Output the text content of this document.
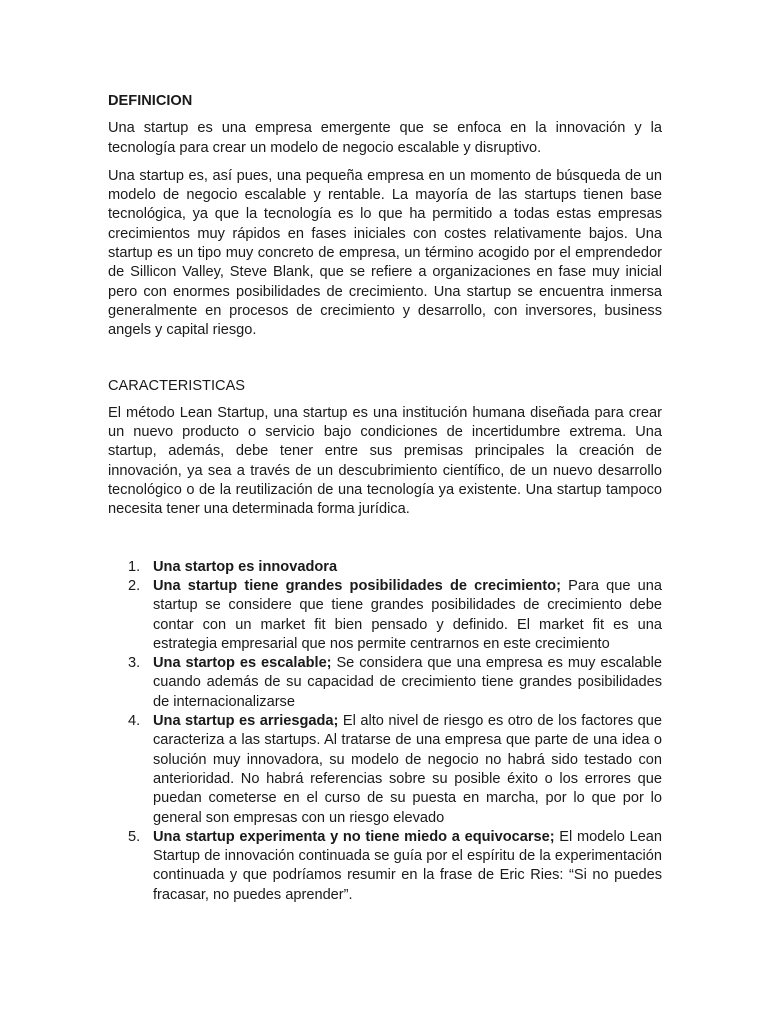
DEFINICION

Una startup es una empresa emergente que se enfoca en la innovación y la tecnología para crear un modelo de negocio escalable y disruptivo.

Una startup es, así pues, una pequeña empresa en un momento de búsqueda de un modelo de negocio escalable y rentable. La mayoría de las startups tienen base tecnológica, ya que la tecnología es lo que ha permitido a todas estas empresas crecimientos muy rápidos en fases iniciales con costes relativamente bajos. Una startup es un tipo muy concreto de empresa, un término acogido por el emprendedor de Sillicon Valley, Steve Blank, que se refiere a organizaciones en fase muy inicial pero con enormes posibilidades de crecimiento. Una startup se encuentra inmersa generalmente en procesos de crecimiento y desarrollo, con inversores, business angels y capital riesgo.

CARACTERISTICAS

El método Lean Startup, una startup es una institución humana diseñada para crear un nuevo producto o servicio bajo condiciones de incertidumbre extrema. Una startup, además, debe tener entre sus premisas principales la creación de innovación, ya sea a través de un descubrimiento científico, de un nuevo desarrollo tecnológico o de la reutilización de una tecnología ya existente. Una startup tampoco necesita tener una determinada forma jurídica.

1. Una startop es innovadora
2. Una startup tiene grandes posibilidades de crecimiento; Para que una startup se considere que tiene grandes posibilidades de crecimiento debe contar con un market fit bien pensado y definido. El market fit es una estrategia empresarial que nos permite centrarnos en este crecimiento
3. Una startop es escalable; Se considera que una empresa es muy escalable cuando además de su capacidad de crecimiento tiene grandes posibilidades de internacionalizarse
4. Una startup es arriesgada; El alto nivel de riesgo es otro de los factores que caracteriza a las startups. Al tratarse de una empresa que parte de una idea o solución muy innovadora, su modelo de negocio no habrá sido testado con anterioridad. No habrá referencias sobre su posible éxito o los errores que puedan cometerse en el curso de su puesta en marcha, por lo que por lo general son empresas con un riesgo elevado
5. Una startup experimenta y no tiene miedo a equivocarse; El modelo Lean Startup de innovación continuada se guía por el espíritu de la experimentación continuada y que podríamos resumir en la frase de Eric Ries: “Si no puedes fracasar, no puedes aprender”.
